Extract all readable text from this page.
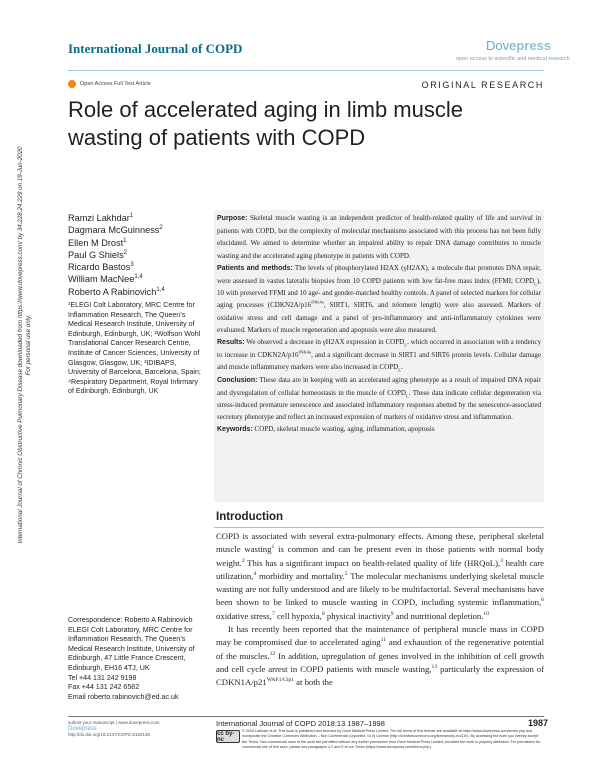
International Journal of COPD	Dovepress
open access to scientific and medical research
Open Access Full Text Article	ORIGINAL RESEARCH
Role of accelerated aging in limb muscle wasting of patients with COPD
International Journal of Chronic Obstructive Pulmonary Disease downloaded from https://www.dovepress.com/ by 34.228.24.229 on 19-Jun-2020 For personal use only.
Ramzi Lakhdar$^1$
Dagmara McGuinness$^2$
Ellen M Drost$^1$
Paul G Shiels$^2$
Ricardo Bastos$^3$
William MacNee$^{1,4}$
Roberto A Rabinovich$^{1,4}$
¹ELEGI Colt Laboratory, MRC Centre for Inflammation Research, The Queen’s Medical Research Institute, University of Edinburgh, Edinburgh, UK; ²Wolfson Wohl Translational Cancer Research Centre, Institute of Cancer Sciences, University of Glasgow, Glasgow, UK; ³IDIBAPS, University of Barcelona, Barcelona, Spain; ⁴Respiratory Department, Royal Infirmary of Edinburgh, Edinburgh, UK

Purpose: Skeletal muscle wasting is an independent predictor of health-related quality of life and survival in patients with COPD, but the complexity of molecular mechanisms associated with this process has not been fully elucidated. We aimed to determine whether an impaired ability to repair DNA damage contributes to muscle wasting and the accelerated aging phenotype in patients with COPD.

Patients and methods: The levels of phosphorylated H2AX (γH2AX), a molecule that promotes DNA repair, were assessed in vastus lateralis biopsies from 10 COPD patients with low fat-free mass index (FFMI; $COPD_L$), 10 with preserved FFMI and 10 age- and gender-matched healthy controls. A panel of selected markers for cellular aging processes ($CDKN2A/p16^{INK4a}$, SIRT1, SIRT6, and telomere length) were also assessed. Markers of oxidative stress and cell damage and a panel of pro-inflammatory and anti-inflammatory cytokines were evaluated. Markers of muscle regeneration and apoptosis were also measured.

Results: We observed a decrease in γH2AX expression in $COPD_L$, which occurred in association with a tendency to increase in $CDKN2A/p16^{INK4a}$, and a significant decrease in SIRT1 and SIRT6 protein levels. Cellular damage and muscle inflammatory markers were also increased in $COPD_L$.

Conclusion: These data are in keeping with an accelerated aging phenotype as a result of impaired DNA repair and dysregulation of cellular homeostasis in the muscle of $COPD_L$. These data indicate cellular degeneration via stress-induced premature senescence and associated inflammatory responses abetted by the senescence-associated secretory phenotype and reflect an increased expression of markers of oxidative stress and inflammation.

Keywords: COPD, skeletal muscle wasting, aging, inflammation, apoptosis

Introduction

COPD is associated with several extra-pulmonary effects. Among these, peripheral skeletal muscle wasting$^1$ is common and can be present even in those patients with normal body weight.$^2$ This has a significant impact on health-related quality of life (HRQoL),$^3$ health care utilization,$^4$ morbidity and mortality.$^5$ The molecular mechanisms underlying skeletal muscle wasting are not fully understood and are likely to be multifactorial. Several mechanisms have been shown to be linked to muscle wasting in COPD, including systemic inflammation,$^6$ oxidative stress,$^7$ cell hypoxia,$^8$ physical inactivity$^9$ and nutritional depletion.$^{10}$

It has recently been reported that the maintenance of peripheral muscle mass in COPD may be compromised due to accelerated aging$^{11}$ and exhaustion of the regenerative potential of the muscles.$^{12}$ In addition, upregulation of genes involved in the inhibition of cell growth and cell cycle arrest in COPD patients with muscle wasting,$^{13}$ particularly the expression of $CDKN1A/p21^{WAF1/Cip1}$ at both the

Correspondence: Roberto A Rabinovich
ELEGI Colt Laboratory, MRC Centre for Inflammation Research, The Queen’s Medical Research Institute, University of Edinburgh, 47 Little France Crescent, Edinburgh, EH16 4TJ, UK
Tel +44 131 242 9198
Fax +44 131 242 6582
Email roberto.rabinovich@ed.ac.uk
submit your manuscript | www.dovepress.com
Dovepress
http://dx.doi.org/10.2147/COPD.S160135
International Journal of COPD 2018:13 1987–1998	1987
cc by-nc
© 2018 Lakhdar et al. This work is published and licensed by Dove Medical Press Limited. The full terms of this license are available at https://www.dovepress.com/terms.php and incorporate the Creative Commons Attribution – Non Commercial (unported, v3.0) License (http://creativecommons.org/licenses/by-nc/3.0/). By accessing the work you hereby accept the Terms. Non-commercial uses of the work are permitted without any further permission from Dove Medical Press Limited, provided the work is properly attributed. For permission for commercial use of this work, please see paragraphs 4.2 and 5 of our Terms (https://www.dovepress.com/terms.php).
